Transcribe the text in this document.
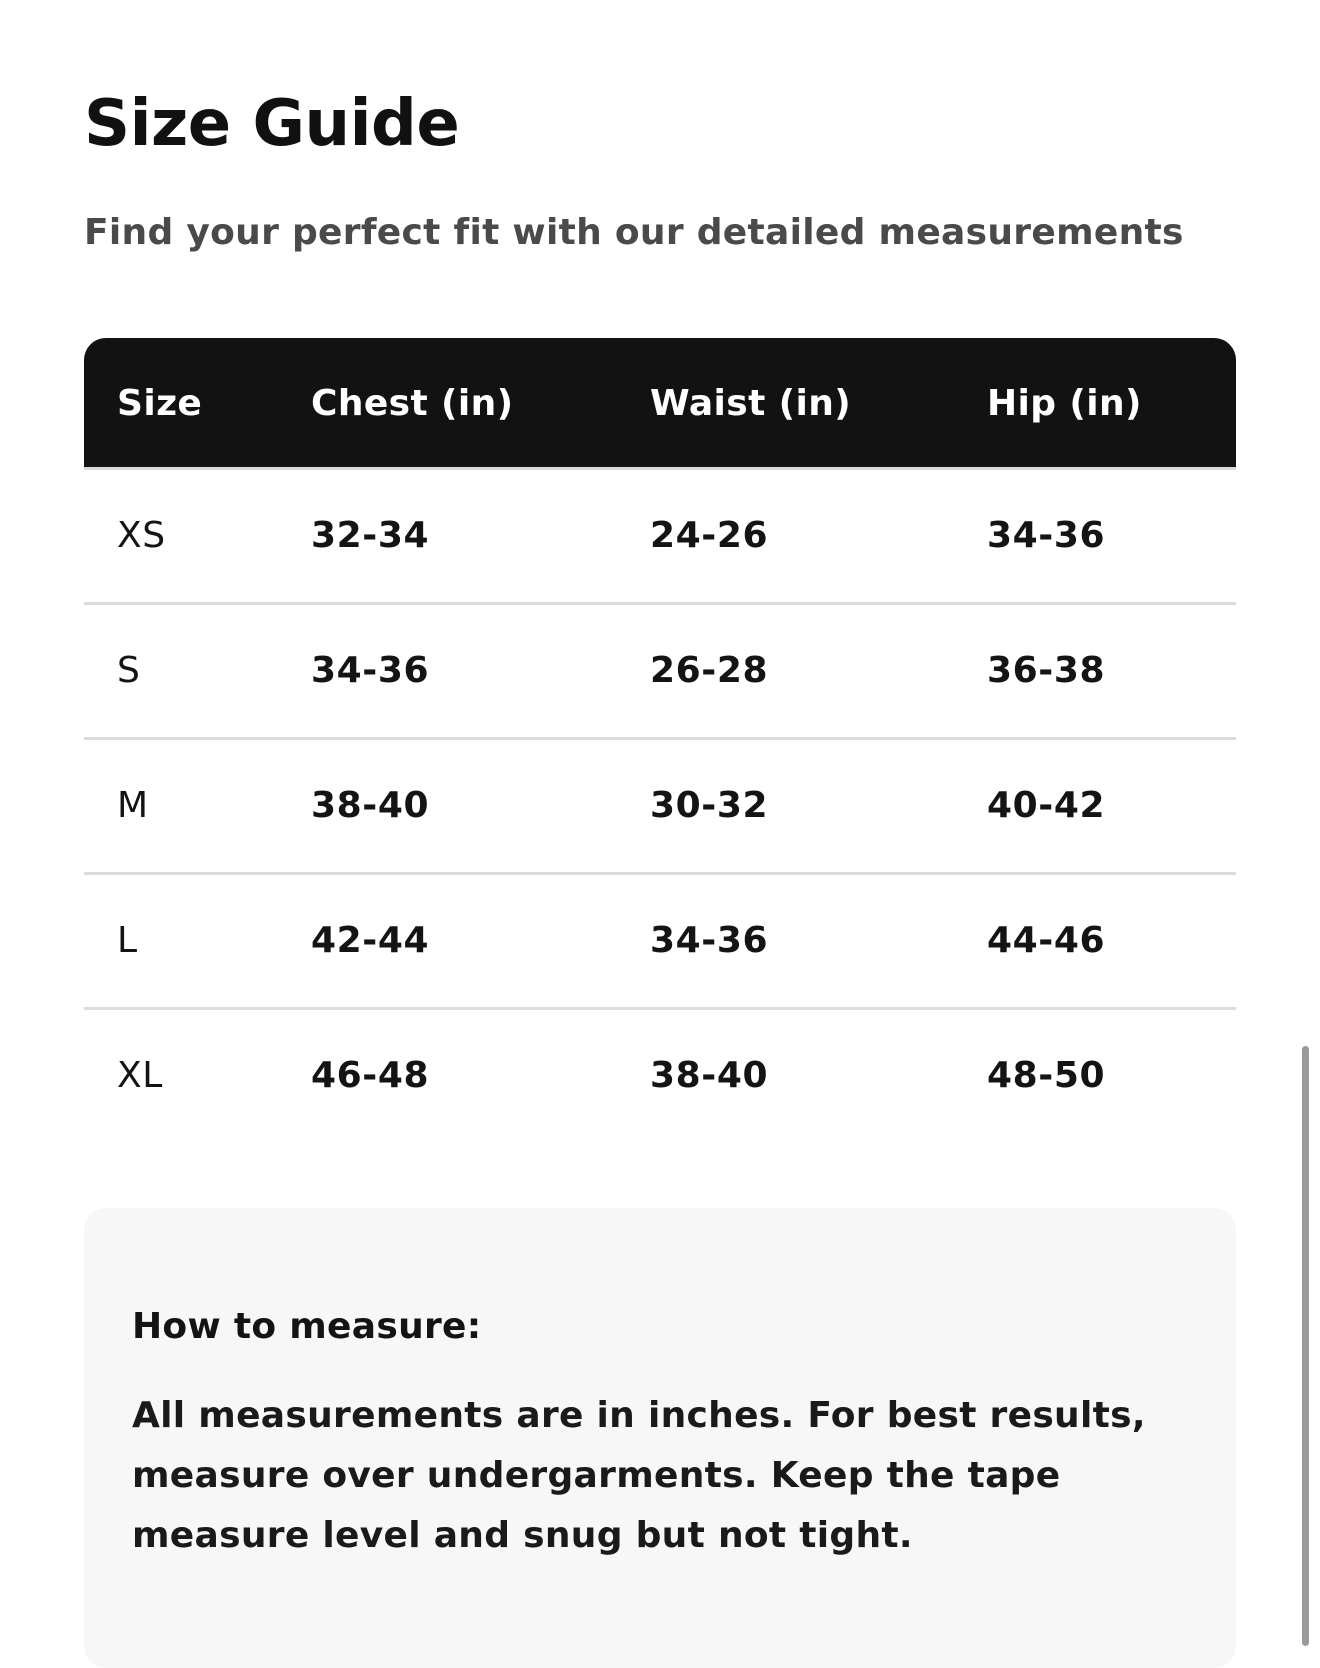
Size Guide
Find your perfect fit with our detailed measurements
Size	Chest (in)	Waist (in)	Hip (in)
XS	32-34	24-26	34-36
S	34-36	26-28	36-38
M	38-40	30-32	40-42
L	42-44	34-36	44-46
XL	46-48	38-40	48-50
How to measure:
All measurements are in inches. For best results, measure over undergarments. Keep the tape measure level and snug but not tight.
